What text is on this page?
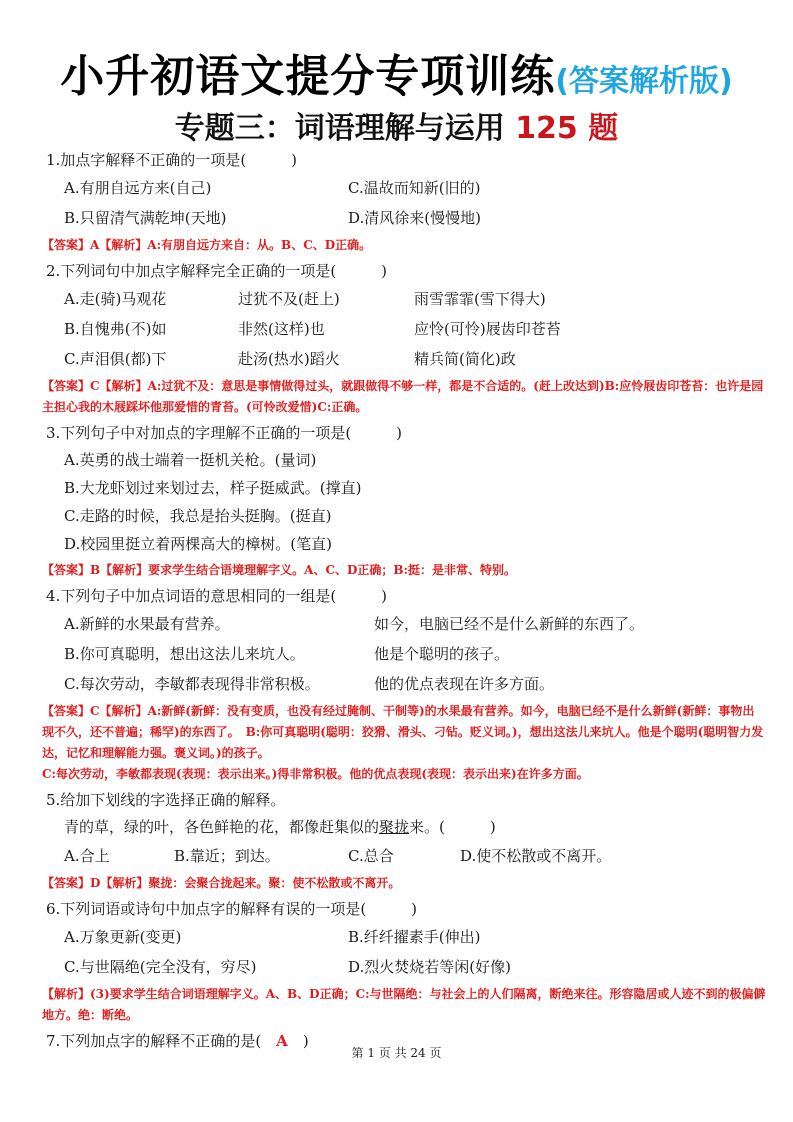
小升初语文提分专项训练(答案解析版)
专题三：词语理解与运用 125 题
1.加点字解释不正确的一项是(　　　)
A.有朋自远方来(自己)	C.温故而知新(旧的)
B.只留清气满乾坤(天地)	D.清风徐来(慢慢地)
【答案】A【解析】A:有朋自远方来自：从。B、C、D正确。
2.下列词句中加点字解释完全正确的一项是(　　　)
A.走(骑)马观花	过犹不及(赶上)	雨雪霏霏(雪下得大)
B.自愧弗(不)如	非然(这样)也	应怜(可怜)屐齿印苍苔
C.声泪俱(都)下	赴汤(热水)蹈火	精兵简(简化)政
【答案】C【解析】A:过犹不及：意思是事情做得过头，就跟做得不够一样，都是不合适的。(赶上改达到)B:应怜屐齿印苍苔：也许是园主担心我的木屐踩坏他那爱惜的青苔。(可怜改爱惜)C:正确。
3.下列句子中对加点的字理解不正确的一项是(　　　)
A.英勇的战士端着一挺机关枪。(量词)
B.大龙虾划过来划过去，样子挺威武。(撑直)
C.走路的时候，我总是抬头挺胸。(挺直)
D.校园里挺立着两棵高大的樟树。(笔直)
【答案】B【解析】要求学生结合语境理解字义。A、C、D正确；B:挺：是非常、特别。
4.下列句子中加点词语的意思相同的一组是(　　　)
A.新鲜的水果最有营养。	如今，电脑已经不是什么新鲜的东西了。
B.你可真聪明，想出这法儿来坑人。	他是个聪明的孩子。
C.每次劳动，李敏都表现得非常积极。	他的优点表现在许多方面。
【答案】C【解析】A:新鲜(新鲜：没有变质，也没有经过腌制、干制等)的水果最有营养。如今，电脑已经不是什么新鲜(新鲜：事物出现不久，还不普遍；稀罕)的东西了。　B:你可真聪明(聪明：狡猾、滑头、刁钻。贬义词。)，想出这法儿来坑人。他是个聪明(聪明智力发达，记忆和理解能力强。褒义词。)的孩子。
C:每次劳动，李敏都表现(表现：表示出来。)得非常积极。他的优点表现(表现：表示出来)在许多方面。
5.给加下划线的字选择正确的解释。
青的草，绿的叶，各色鲜艳的花，都像赶集似的聚拢来。(　　　)
A.合上	B.靠近；到达。	C.总合	D.使不松散或不离开。
【答案】D【解析】聚拢：会聚合拢起来。聚：使不松散或不离开。
6.下列词语或诗句中加点字的解释有误的一项是(　　　)
A.万象更新(变更)	B.纤纤擢素手(伸出)
C.与世隔绝(完全没有，穷尽)	D.烈火焚烧若等闲(好像)
【解析】(3)要求学生结合词语理解字义。A、B、D正确；C:与世隔绝：与社会上的人们隔离，断绝来往。形容隐居或人迹不到的极偏僻地方。绝：断绝。
7.下列加点字的解释不正确的是(　A　)
第 1 页 共 24 页
